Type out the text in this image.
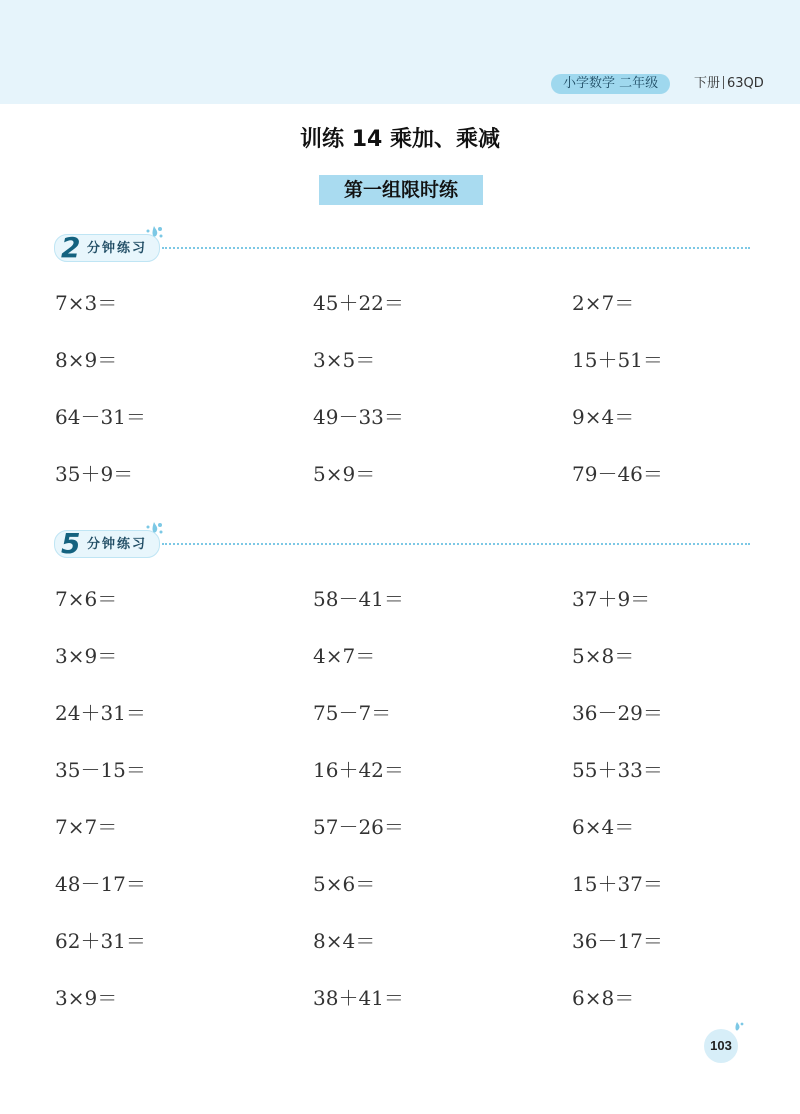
小学数学 二年级	下册 63QD
训练 14 乘加、乘减
第一组限时练
2 分钟练习
5 分钟练习
7×3＝	45＋22＝	2×7＝
8×9＝	3×5＝	15＋51＝
64－31＝	49－33＝	9×4＝
35＋9＝	5×9＝	79－46＝
7×6＝	58－41＝	37＋9＝
3×9＝	4×7＝	5×8＝
24＋31＝	75－7＝	36－29＝
35－15＝	16＋42＝	55＋33＝
7×7＝	57－26＝	6×4＝
48－17＝	5×6＝	15＋37＝
62＋31＝	8×4＝	36－17＝
3×9＝	38＋41＝	6×8＝
103
